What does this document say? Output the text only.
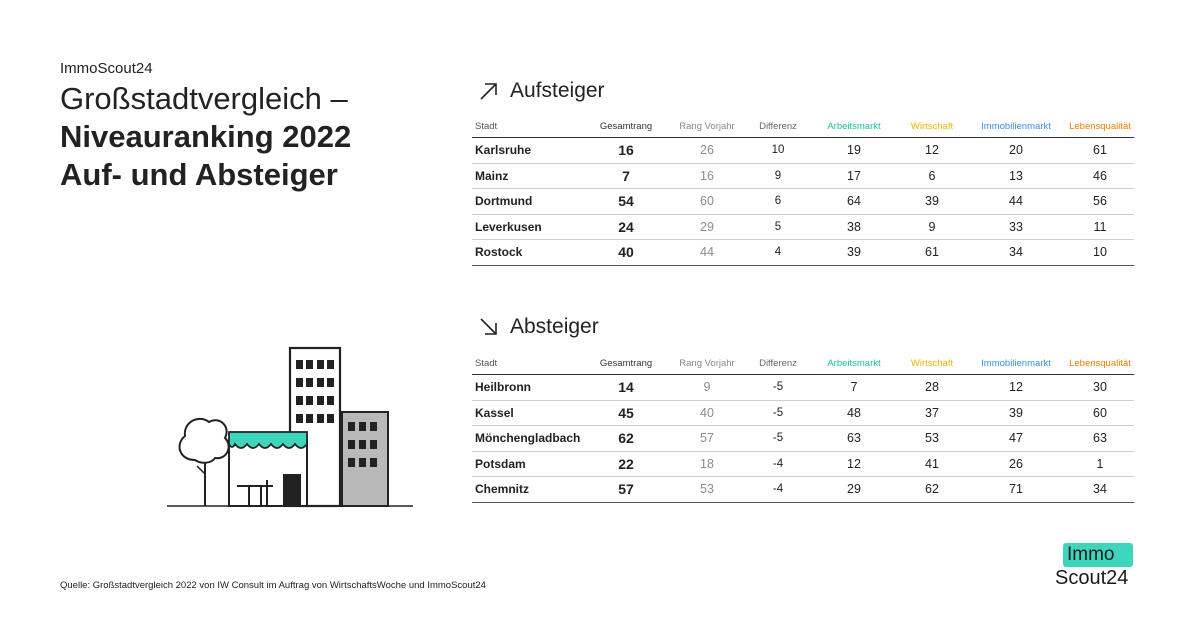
ImmoScout24
Großstadtvergleich –
Niveauranking 2022
Auf- und Absteiger
Aufsteiger
Stadt	Gesamtrang	Rang Vorjahr	Differenz	Arbeitsmarkt	Wirtschaft	Immobilienmarkt	Lebensqualität
Karlsruhe	16	26	10	19	12	20	61
Mainz	7	16	9	17	6	13	46
Dortmund	54	60	6	64	39	44	56
Leverkusen	24	29	5	38	9	33	11
Rostock	40	44	4	39	61	34	10
Absteiger
Stadt	Gesamtrang	Rang Vorjahr	Differenz	Arbeitsmarkt	Wirtschaft	Immobilienmarkt	Lebensqualität
Heilbronn	14	9	-5	7	28	12	30
Kassel	45	40	-5	48	37	39	60
Mönchengladbach	62	57	-5	63	53	47	63
Potsdam	22	18	-4	12	41	26	1
Chemnitz	57	53	-4	29	62	71	34
Quelle: Großstadtvergleich 2022 von IW Consult im Auftrag von WirtschaftsWoche und ImmoScout24
Immo
Scout24
